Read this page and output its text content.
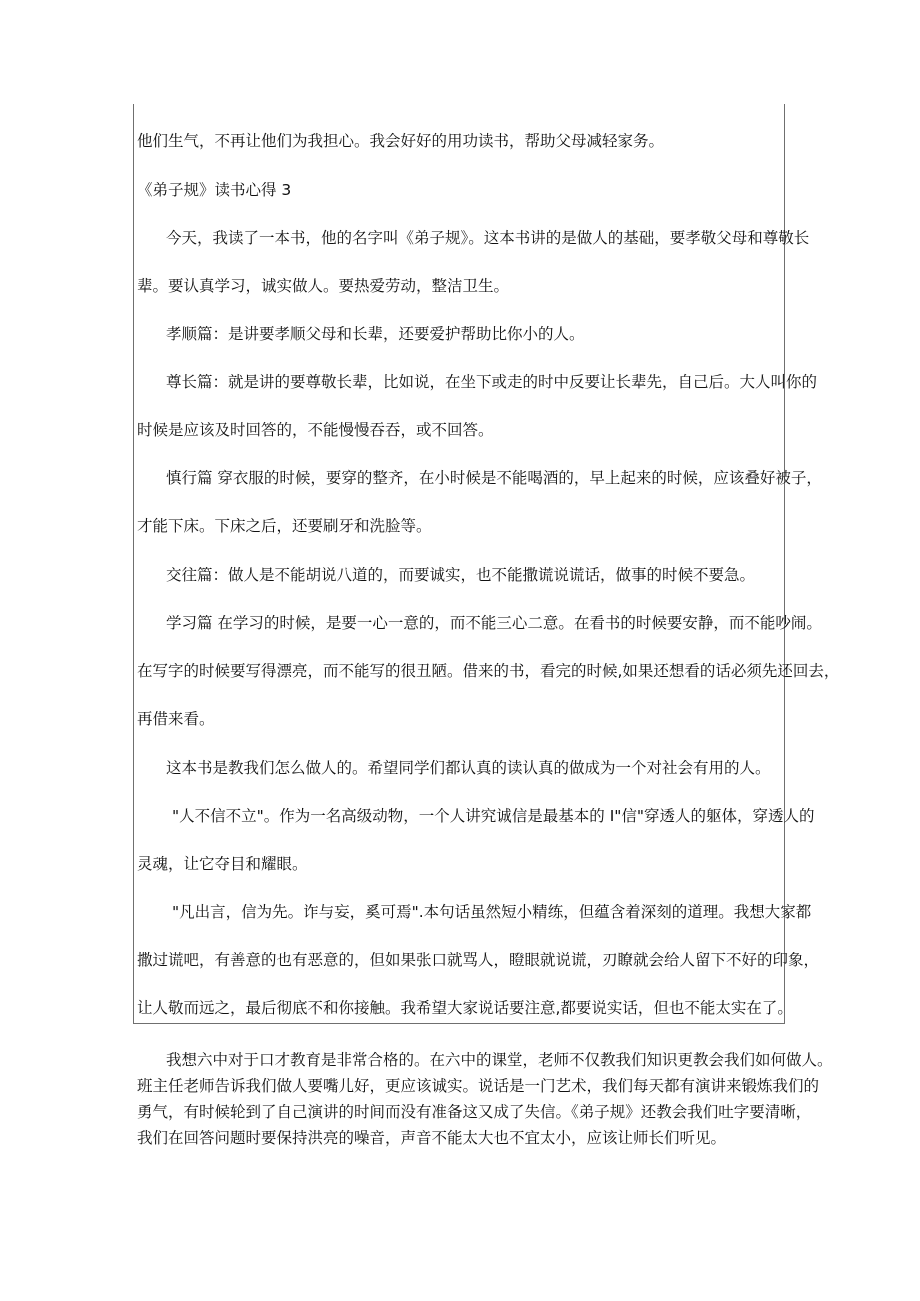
他们生气，不再让他们为我担心。我会好好的用功读书，帮助父母减轻家务。
《弟子规》读书心得 3
今天，我读了一本书，他的名字叫《弟子规》。这本书讲的是做人的基础，要孝敬父母和尊敬长
辈。要认真学习，诚实做人。要热爱劳动，整洁卫生。
孝顺篇：是讲要孝顺父母和长辈，还要爱护帮助比你小的人。
尊长篇：就是讲的要尊敬长辈，比如说，在坐下或走的时中反要让长辈先，自己后。大人叫你的
时候是应该及时回答的，不能慢慢吞吞，或不回答。
慎行篇 穿衣服的时候，要穿的整齐，在小时候是不能喝酒的，早上起来的时候，应该叠好被子，
才能下床。下床之后，还要刷牙和洗脸等。
交往篇：做人是不能胡说八道的，而要诚实，也不能撒谎说谎话，做事的时候不要急。
学习篇 在学习的时候，是要一心一意的，而不能三心二意。在看书的时候要安静，而不能吵闹。
在写字的时候要写得漂亮，而不能写的很丑陋。借来的书，看完的时候,如果还想看的话必须先还回去，
再借来看。
这本书是教我们怎么做人的。希望同学们都认真的读认真的做成为一个对社会有用的人。
"人不信不立"。作为一名高级动物，一个人讲究诚信是最基本的 I"信"穿透人的躯体，穿透人的
灵魂，让它夺目和耀眼。
"凡出言，信为先。诈与妄，奚可焉".本句话虽然短小精练，但蕴含着深刻的道理。我想大家都
撒过谎吧，有善意的也有恶意的，但如果张口就骂人，瞪眼就说谎，刃瞭就会给人留下不好的印象，
让人敬而远之，最后彻底不和你接触。我希望大家说话要注意,都要说实话，但也不能太实在了。
我想六中对于口才教育是非常合格的。在六中的课堂，老师不仅教我们知识更教会我们如何做人。
班主任老师告诉我们做人要嘴儿好，更应该诚实。说话是一门艺术，我们每天都有演讲来锻炼我们的
勇气，有时候轮到了自己演讲的时间而没有准备这又成了失信。《弟子规》还教会我们吐字要清晰，
我们在回答问题时要保持洪亮的噪音，声音不能太大也不宜太小，应该让师长们听见。
